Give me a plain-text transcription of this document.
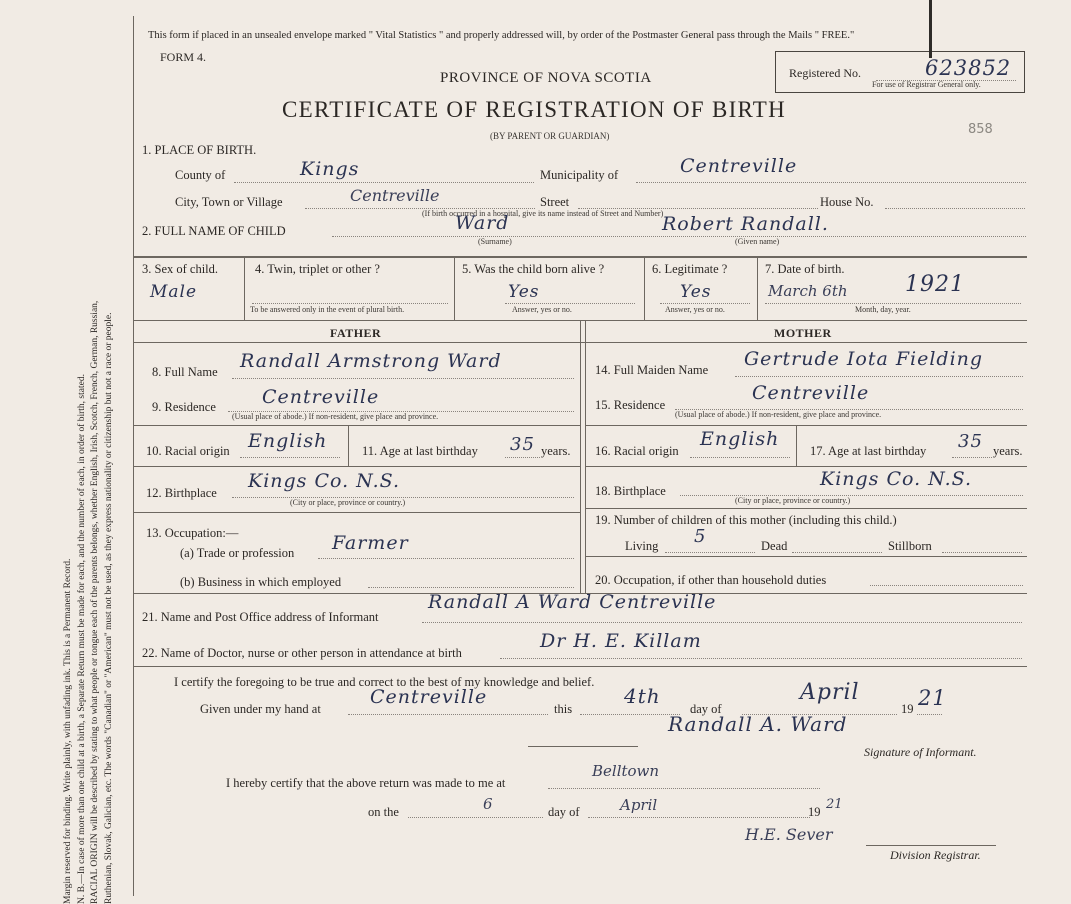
Margin reserved for binding. Write plainly, with unfading ink. This is a Permanent Record. N. B.—In case of more than one child at a birth, a Separate Return must be made for each, and the number of each, in order of birth, stated. RACIAL ORIGIN will be described by stating to what people or tongue each of the parents belongs, whether English, Irish, Scotch, French, German, Russian, Ruthenian, Slovak, Galician, etc. The words "Canadian" or "American" must not be used, as they express nationality or citizenship but not a race or people.
This form if placed in an unsealed envelope marked " Vital Statistics " and properly addressed will, by order of the Postmaster General pass through the Mails " FREE."
FORM 4.
PROVINCE OF NOVA SCOTIA
CERTIFICATE OF REGISTRATION OF BIRTH
(BY PARENT OR GUARDIAN)
Registered No.	623852
For use of Registrar General only.
858
1. PLACE OF BIRTH.
County of	Kings	Municipality of	Centreville
City, Town or Village	Centreville	Street	House No.
(If birth occurred in a hospital, give its name instead of Street and Number)
2. FULL NAME OF CHILD	Ward	Robert Randall.
(Surname)	(Given name)
3. Sex of child.
Male
4. Twin, triplet or other ?
To be answered only in the event of plural birth.
5. Was the child born alive ?
Yes
Answer, yes or no.
6. Legitimate ?
Yes
Answer, yes or no.
7. Date of birth.
March 6th	1921
Month, day, year.
FATHER	MOTHER
8. Full Name Randall Armstrong Ward
9. Residence Centreville
(Usual place of abode.) If non-resident, give place and province.
10. Racial origin English	11. Age at last birthday 35 years.
12. Birthplace
Kings Co. N.S.
(City or place, province or country.)
13. Occupation:—
(a) Trade or profession Farmer
(b) Business in which employed
14. Full Maiden Name Gertrude Iota Fielding
15. Residence
Centreville
(Usual place of abode.) If non-resident, give place and province.
16. Racial origin
English
17. Age at last birthday 35 years.
18. Birthplace
Kings Co. N.S.
(City or place, province or country.)
19. Number of children of this mother (including this child.)
Living 5	Dead	Stillborn
20. Occupation, if other than household duties
21. Name and Post Office address of Informant
Randall A Ward Centreville
22. Name of Doctor, nurse or other person in attendance at birth
Dr H. E. Killam
I certify the foregoing to be true and correct to the best of my knowledge and belief.
Given under my hand at
Centreville
this
4th
day of
April
19 21
Randall A. Ward
Signature of Informant.
I hereby certify that the above return was made to me at
Belltown
on the	6	day of	April	19 21
H.E. Sever
Division Registrar.
